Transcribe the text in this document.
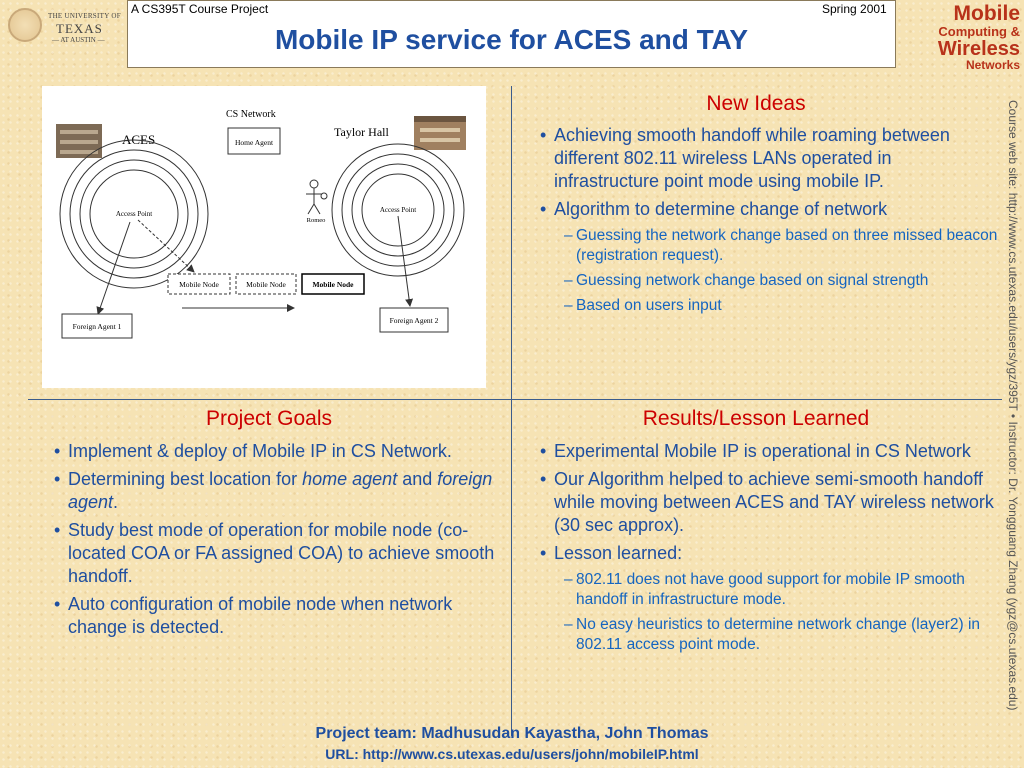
THE UNIVERSITY OF
TEXAS
— AT AUSTIN —
A CS395T Course Project	Spring 2001
Mobile IP service for ACES and TAY
Mobile
Computing &
Wireless
Networks
CS Network
ACES	Taylor Hall
Home Agent
Access Point	Access Point
Romeo
Mobile Node	Mobile Node	Mobile Node
Foreign Agent 1
Foreign Agent 2
New Ideas
• Achieving smooth handoff while roaming between different 802.11 wireless LANs operated in infrastructure point mode using mobile IP.
• Algorithm to determine change of network
– Guessing the network change based on three missed beacon (registration request).
– Guessing network change based on signal strength
– Based on users input
Project Goals
• Implement & deploy of Mobile IP in CS Network.
• Determining best location for home agent and foreign agent.
• Study best mode of operation for mobile node (co-located COA or FA assigned COA) to achieve smooth handoff.
• Auto configuration of mobile node when network change is detected.
Results/Lesson Learned
• Experimental Mobile IP is operational in CS Network
• Our Algorithm helped to achieve semi-smooth handoff while moving between ACES and TAY wireless network (30 sec approx).
• Lesson learned:
– 802.11 does not have good support for mobile IP smooth handoff in infrastructure mode.
– No easy heuristics to determine network change (layer2) in 802.11 access point mode.
Project team: Madhusudan Kayastha, John Thomas
URL: http://www.cs.utexas.edu/users/john/mobileIP.html
Course web site: http://www.cs.utexas.edu/users/ygz/395T • Instructor: Dr. Yongguang Zhang (ygz@cs.utexas.edu)
